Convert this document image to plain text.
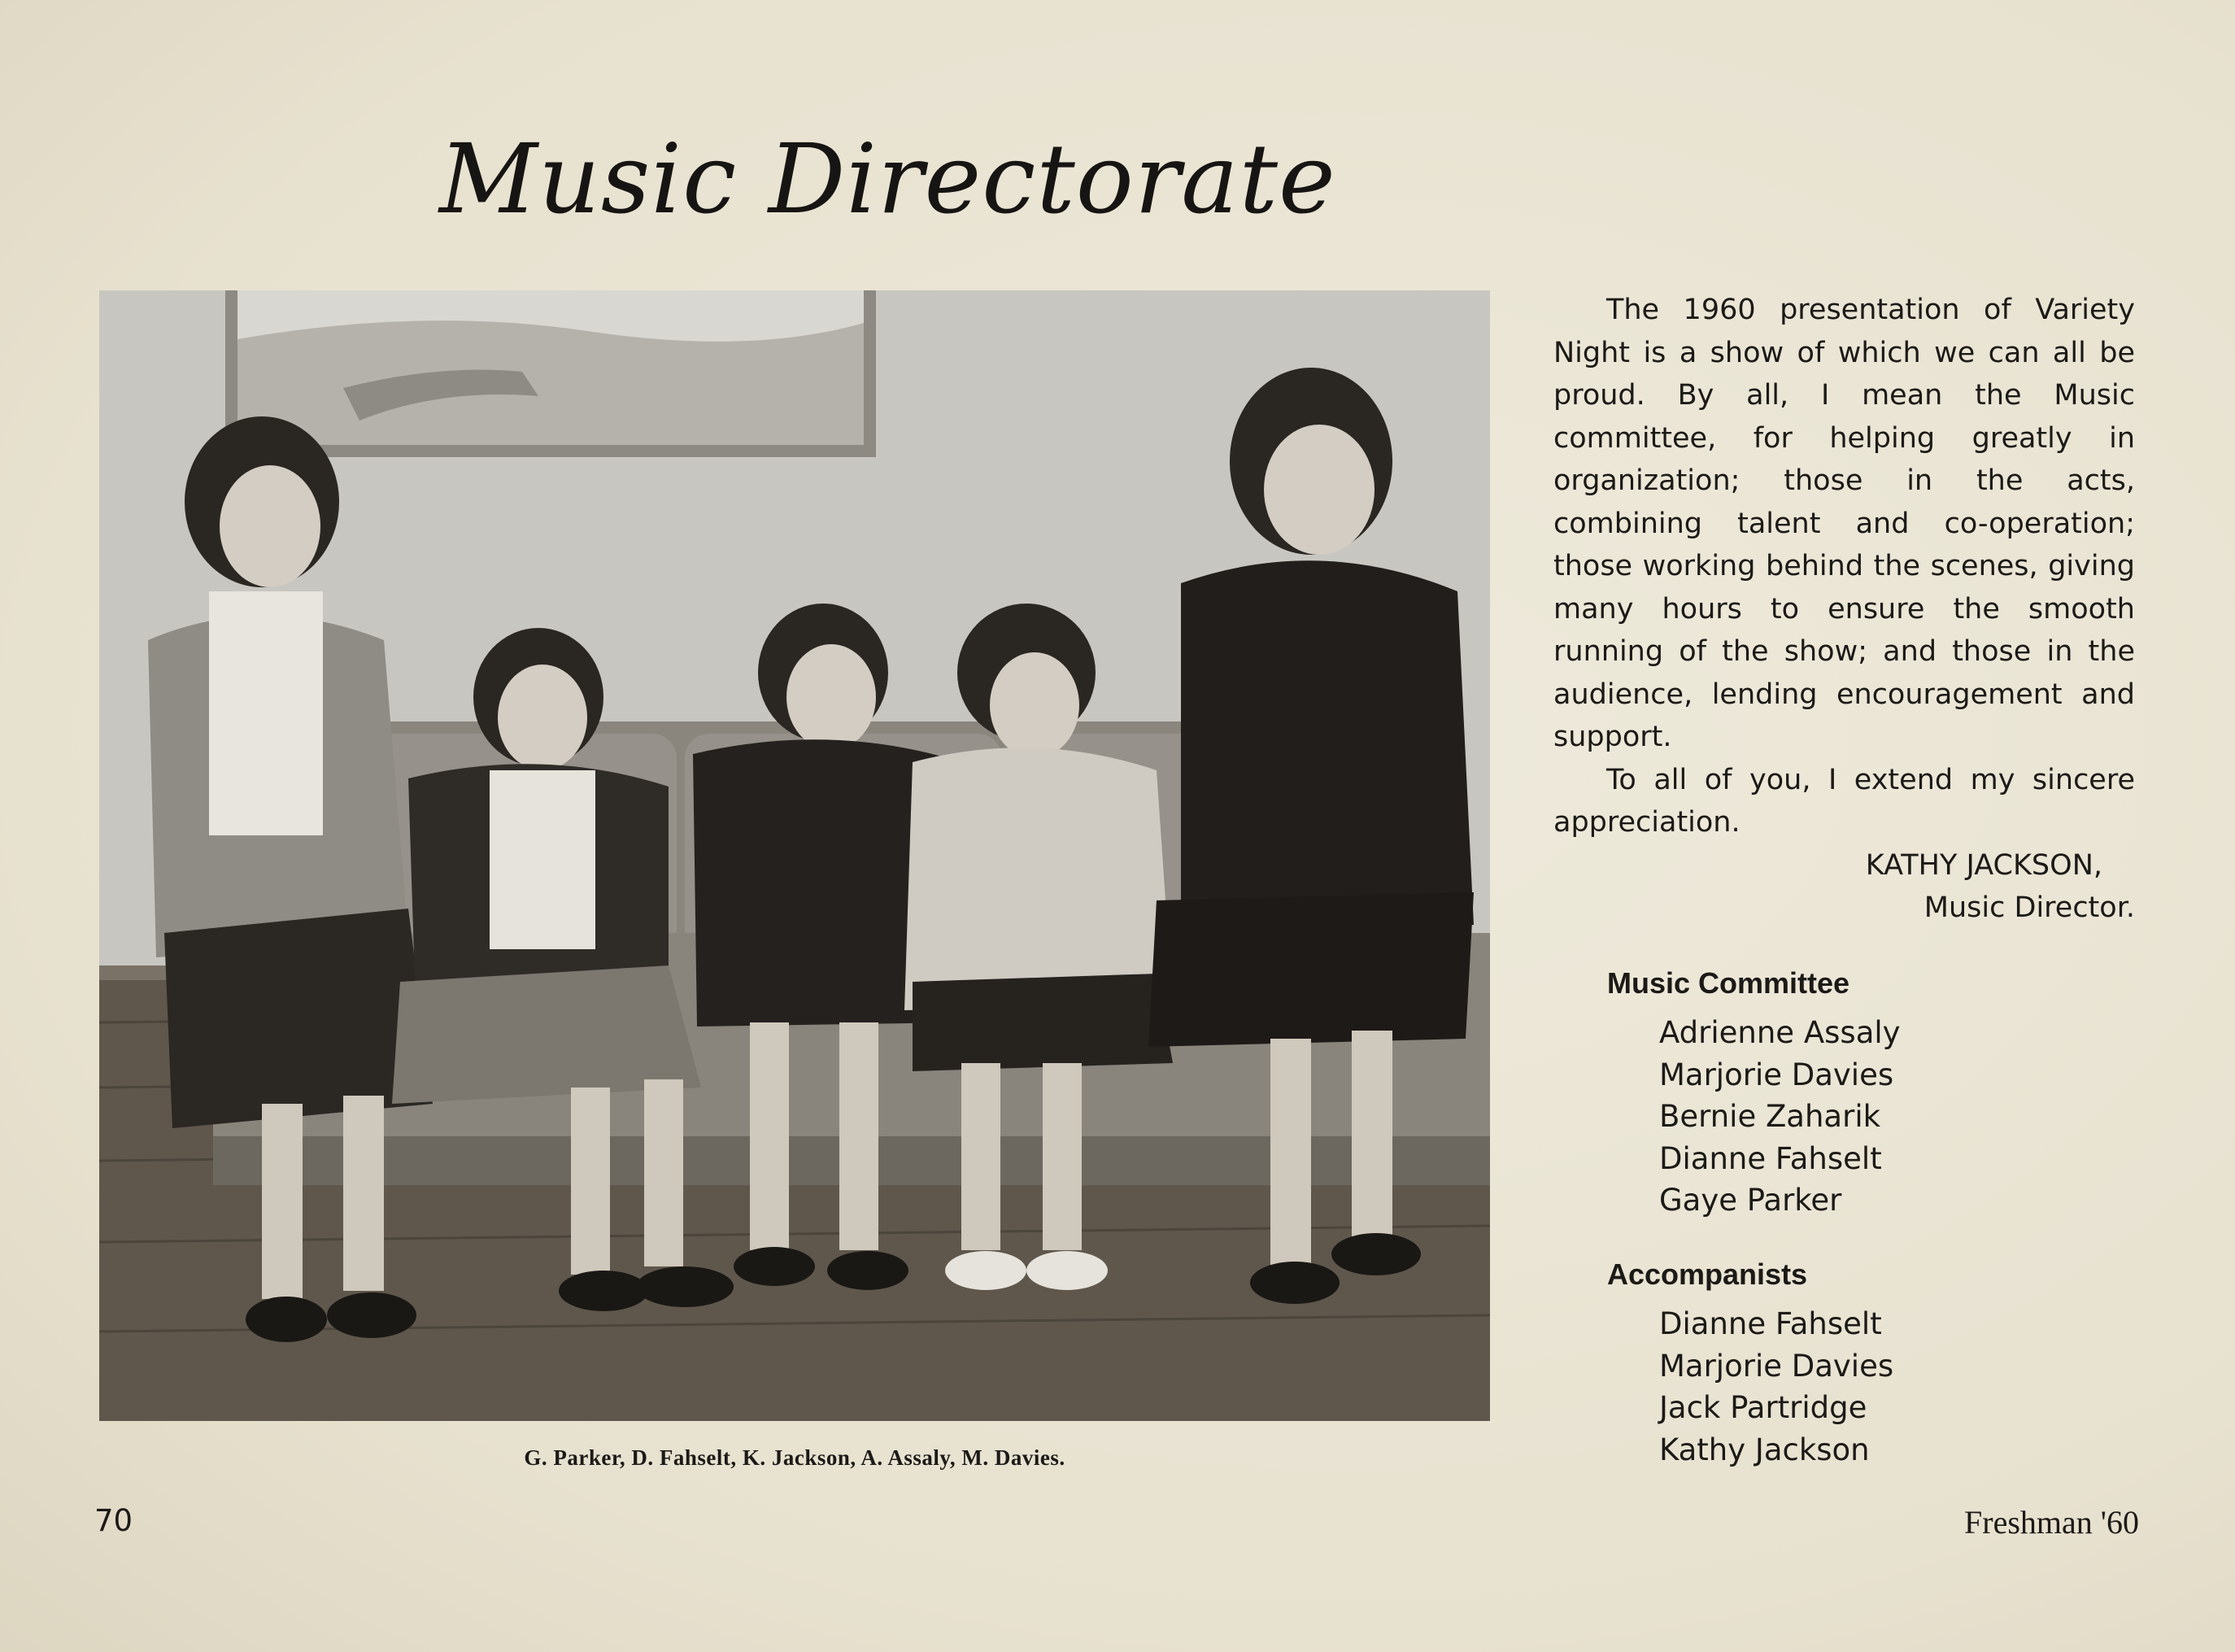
Music Directorate
G. Parker, D. Fahselt, K. Jackson, A. Assaly, M. Davies.

The 1960 presentation of Variety Night is a show of which we can all be proud. By all, I mean the Music committee, for helping greatly in organization; those in the acts, combining talent and co-operation; those working behind the scenes, giving many hours to ensure the smooth running of the show; and those in the audience, lending encouragement and support.

To all of you, I extend my sincere appreciation.

KATHY JACKSON,
Music Director.
Music Committee
Adrienne Assaly
Marjorie Davies
Bernie Zaharik
Dianne Fahselt
Gaye Parker
Accompanists
Dianne Fahselt
Marjorie Davies
Jack Partridge
Kathy Jackson
70	Freshman '60
